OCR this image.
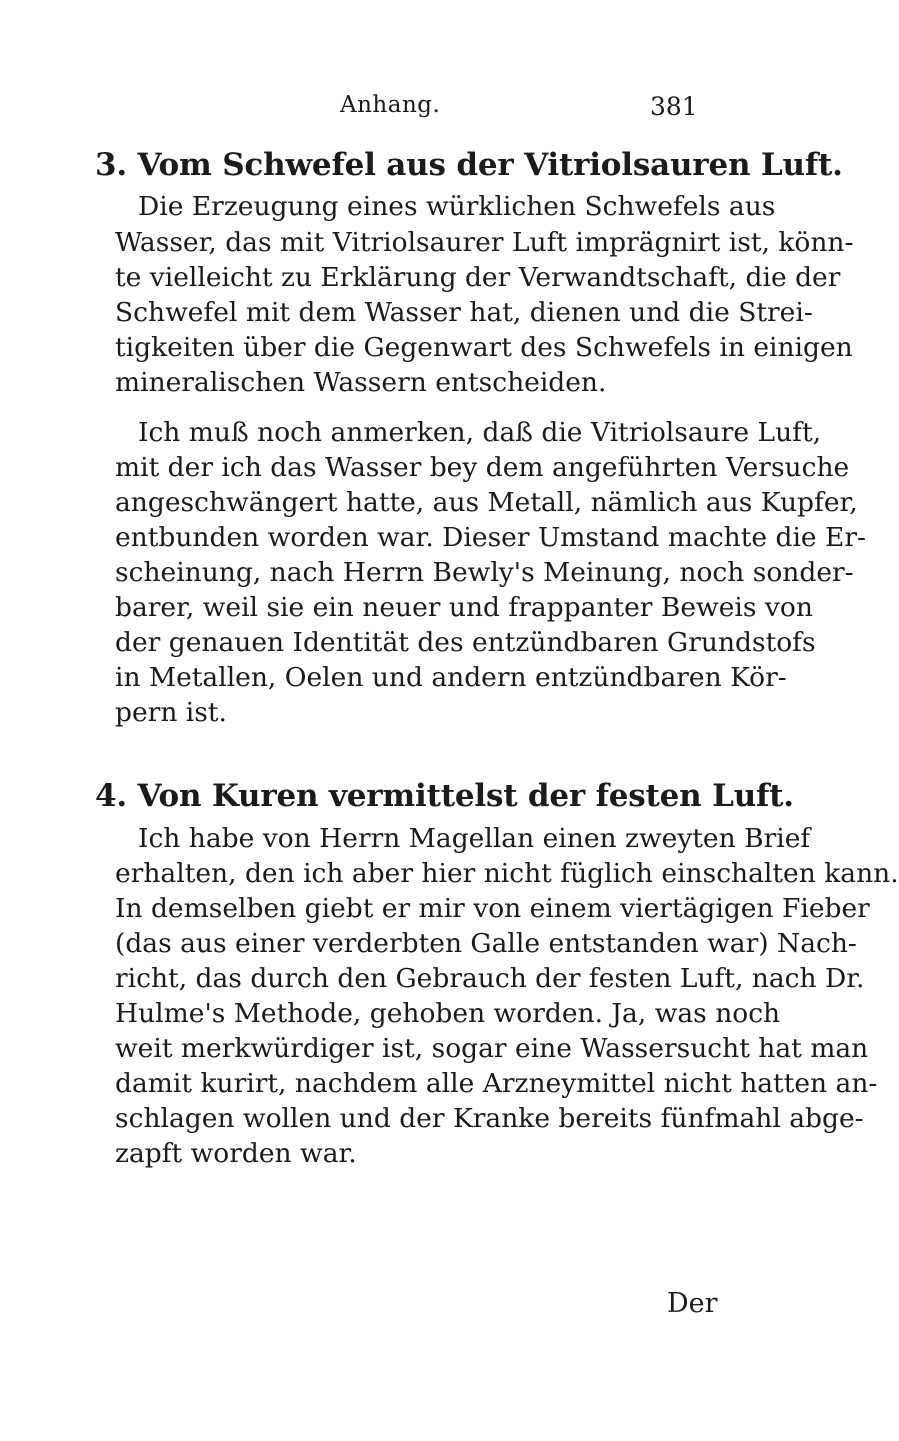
Anhang.	381
3. Vom Schwefel aus der Vitriolsauren Luft.
Die Erzeugung eines würklichen Schwefels aus
Wasser, das mit Vitriolsaurer Luft imprägnirt ist, könn-
te vielleicht zu Erklärung der Verwandtschaft, die der
Schwefel mit dem Wasser hat, dienen und die Strei-
tigkeiten über die Gegenwart des Schwefels in einigen
mineralischen Wassern entscheiden.
Ich muß noch anmerken, daß die Vitriolsaure Luft,
mit der ich das Wasser bey dem angeführten Versuche
angeschwängert hatte, aus Metall, nämlich aus Kupfer,
entbunden worden war. Dieser Umstand machte die Er-
scheinung, nach Herrn Bewly's Meinung, noch sonder-
barer, weil sie ein neuer und frappanter Beweis von
der genauen Identität des entzündbaren Grundstofs
in Metallen, Oelen und andern entzündbaren Kör-
pern ist.
4. Von Kuren vermittelst der festen Luft.
Ich habe von Herrn Magellan einen zweyten Brief
erhalten, den ich aber hier nicht füglich einschalten kann.
In demselben giebt er mir von einem viertägigen Fieber
(das aus einer verderbten Galle entstanden war) Nach-
richt, das durch den Gebrauch der festen Luft, nach Dr.
Hulme's Methode, gehoben worden. Ja, was noch
weit merkwürdiger ist, sogar eine Wassersucht hat man
damit kurirt, nachdem alle Arzneymittel nicht hatten an-
schlagen wollen und der Kranke bereits fünfmahl abge-
zapft worden war.
Der
